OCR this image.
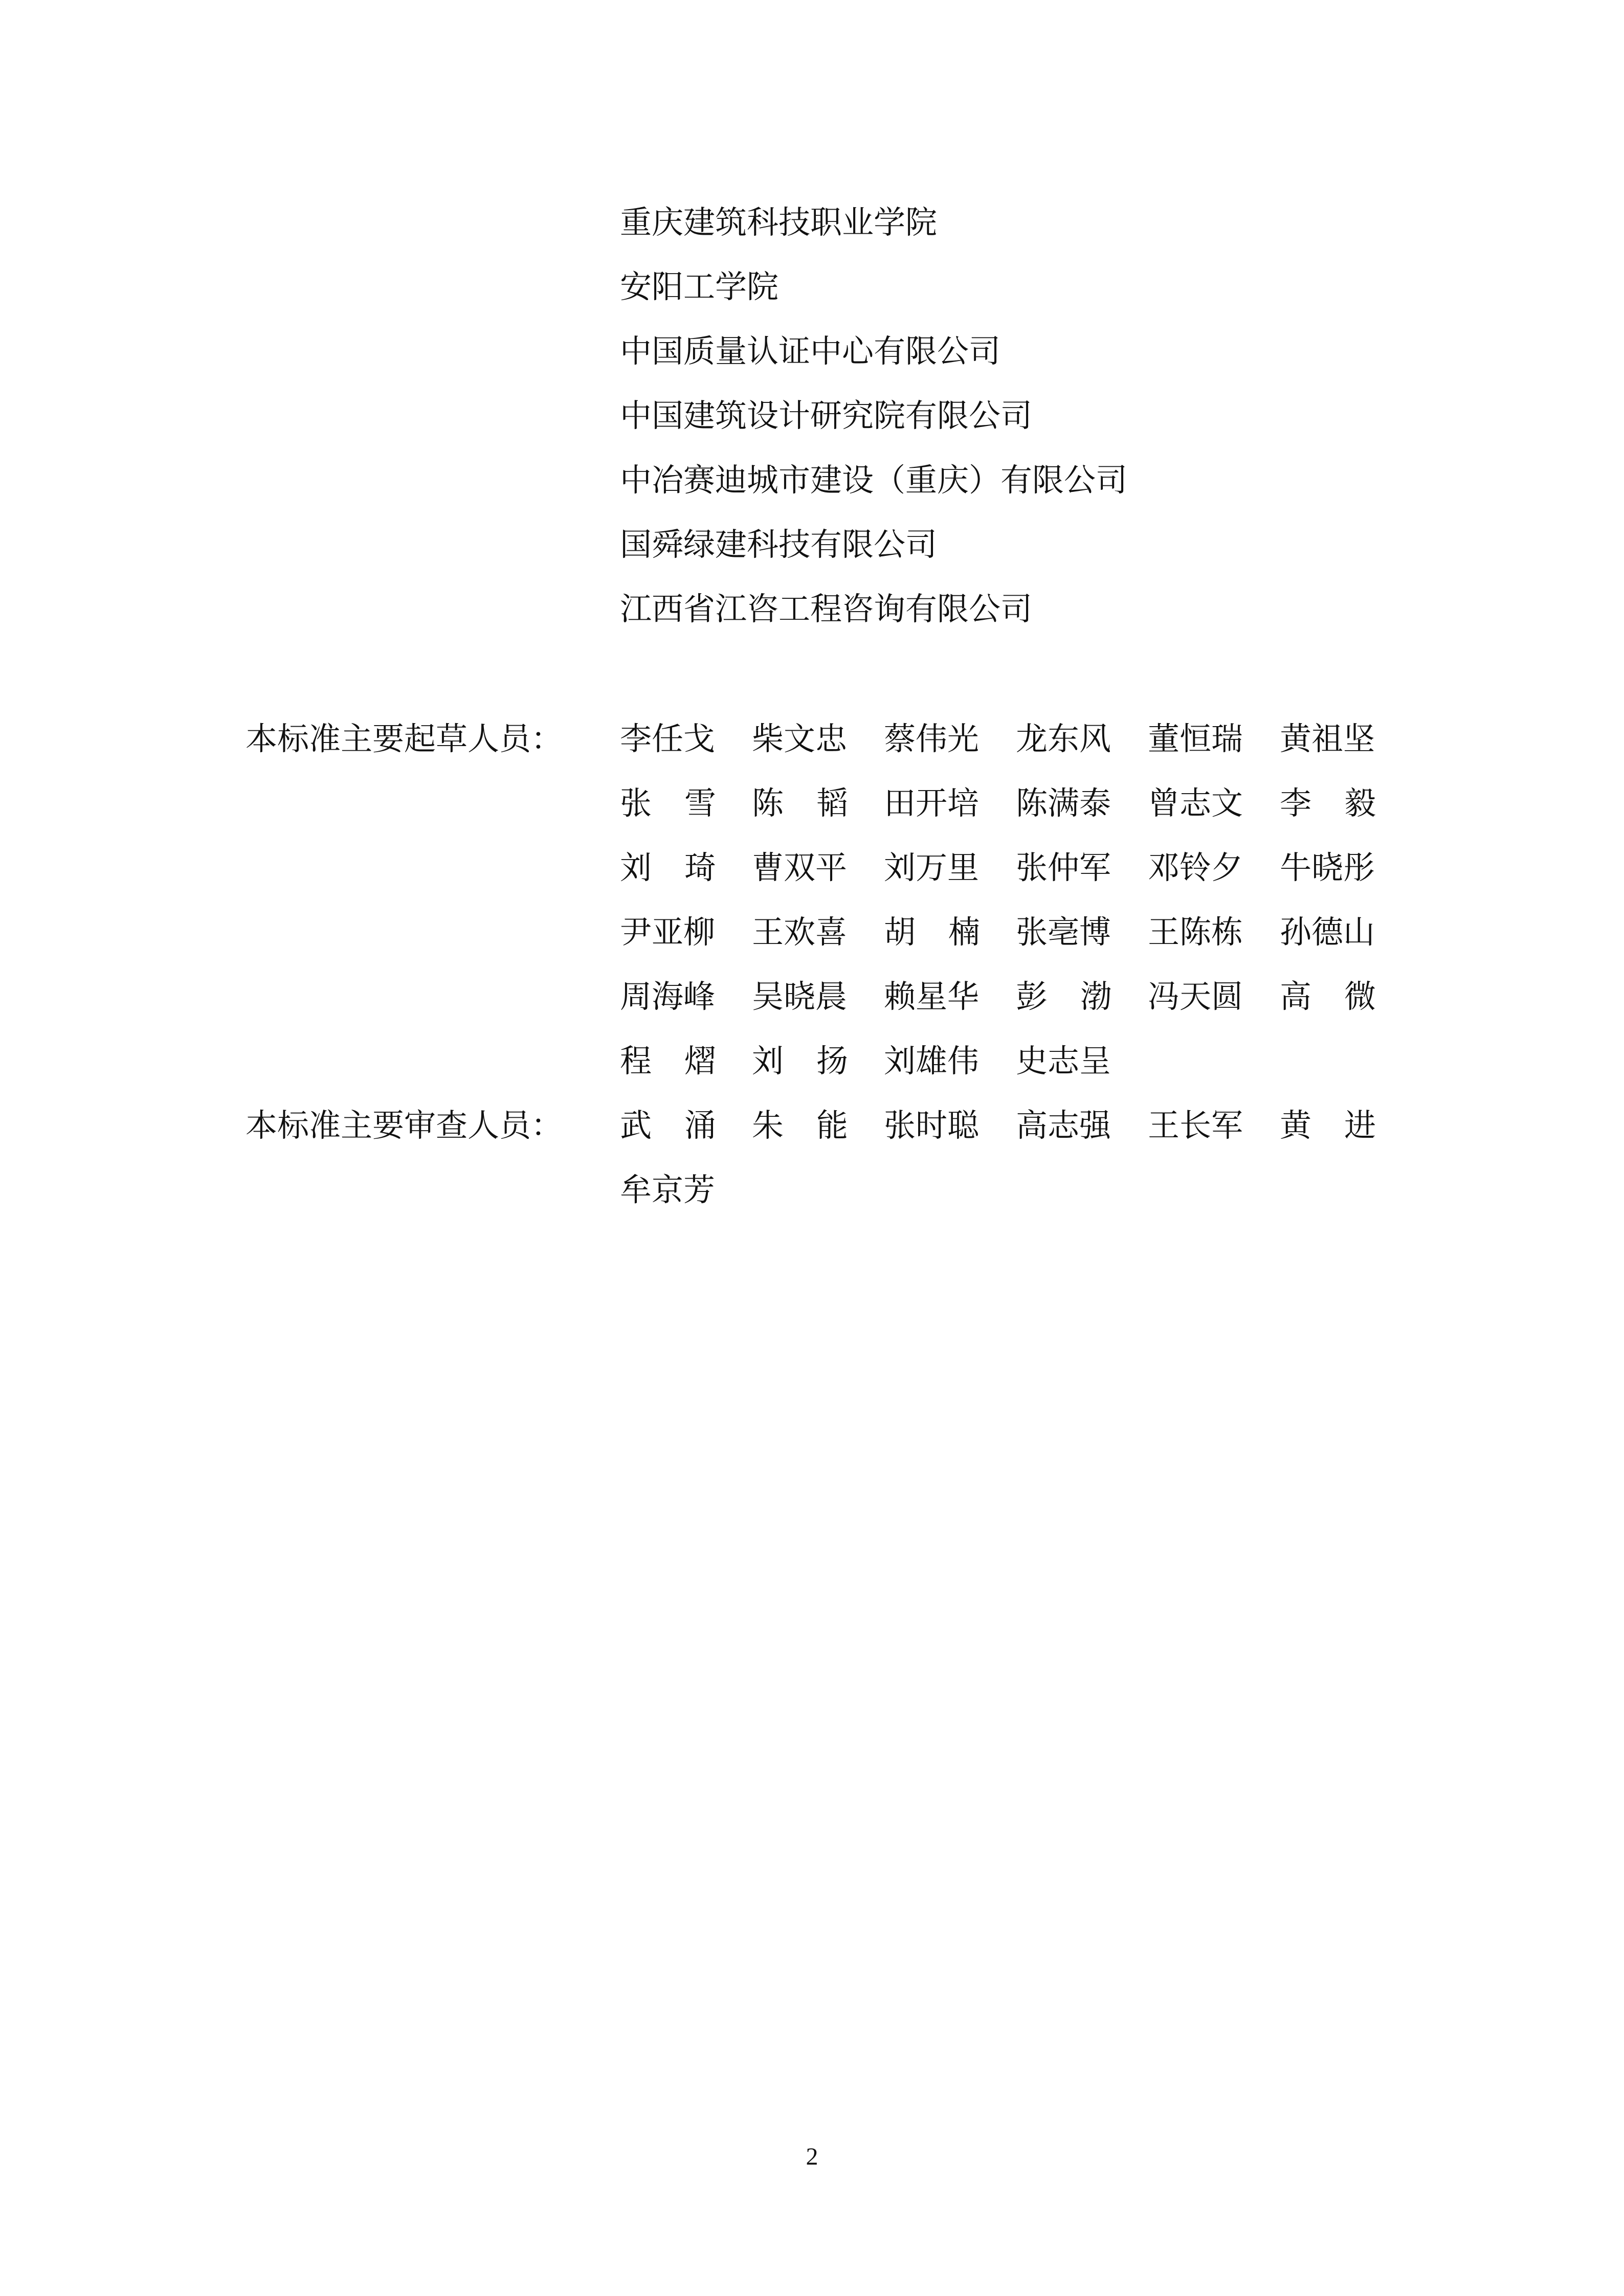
重庆建筑科技职业学院
安阳工学院
中国质量认证中心有限公司
中国建筑设计研究院有限公司
中冶赛迪城市建设（重庆）有限公司
国舜绿建科技有限公司
江西省江咨工程咨询有限公司
本标准主要起草人员： 李任戈 柴文忠 蔡伟光 龙东风 董恒瑞 黄祖坚
张 雪 陈 韬 田开培 陈满泰 曾志文 李 毅
刘 琦 曹双平 刘万里 张仲军 邓铃夕 牛晓彤
尹亚柳 王欢喜 胡 楠 张亳博 王陈栋 孙德山
周海峰 吴晓晨 赖星华 彭 渤 冯天圆 高 微
程 熠 刘 扬 刘雄伟 史志呈
本标准主要审查人员： 武 涌 朱 能 张时聪 高志强 王长军 黄 进
牟京芳
2
